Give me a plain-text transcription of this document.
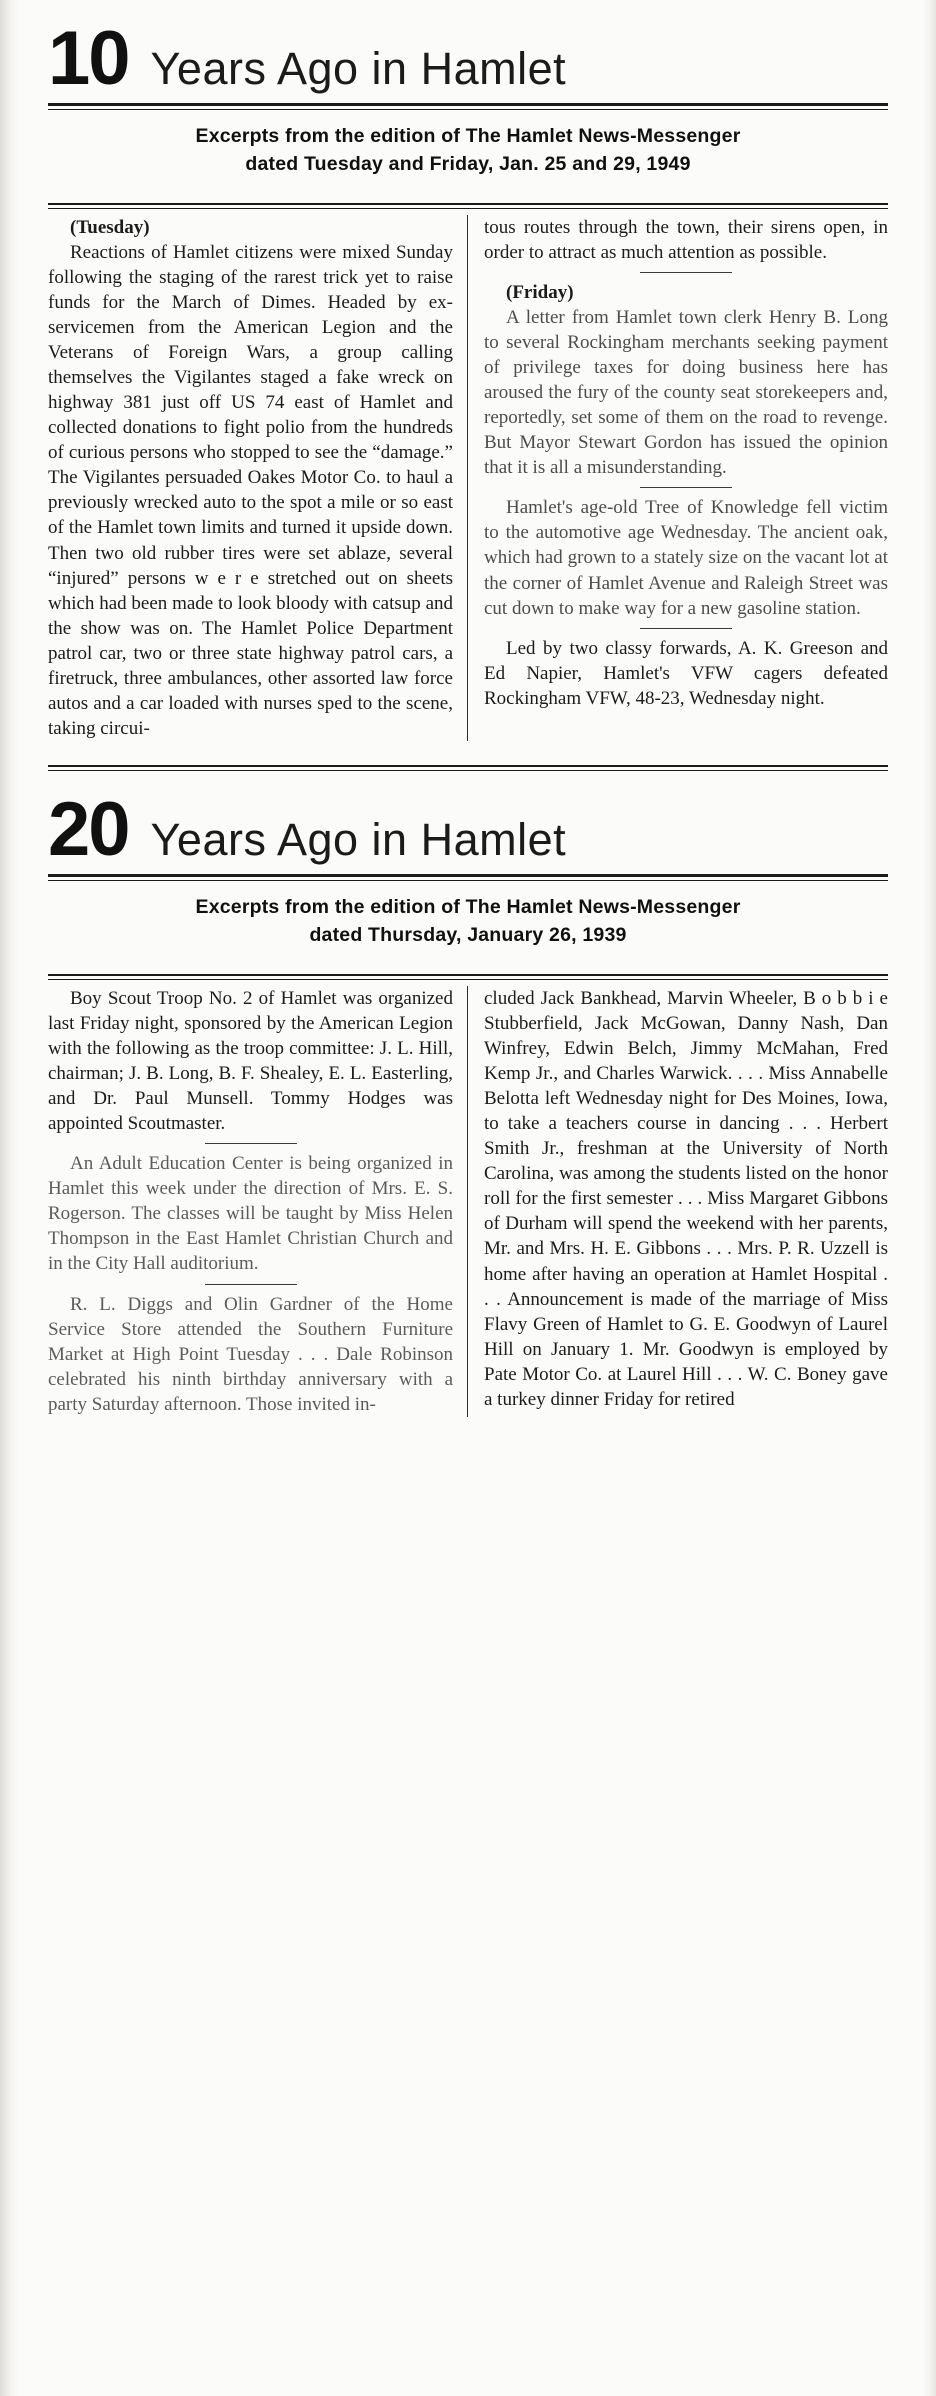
10 Years Ago in Hamlet
Excerpts from the edition of The Hamlet News-Messenger
dated Tuesday and Friday, Jan. 25 and 29, 1949

(Tuesday)

Reactions of Hamlet citizens were mixed Sunday following the staging of the rarest trick yet to raise funds for the March of Dimes. Headed by ex-servicemen from the American Legion and the Veterans of Foreign Wars, a group calling themselves the Vigilantes staged a fake wreck on highway 381 just off US 74 east of Hamlet and collected donations to fight polio from the hundreds of curious persons who stopped to see the “damage.” The Vigilantes persuaded Oakes Motor Co. to haul a previously wrecked auto to the spot a mile or so east of the Hamlet town limits and turned it upside down. Then two old rubber tires were set ablaze, several “injured” persons w e r e stretched out on sheets which had been made to look bloody with catsup and the show was on. The Hamlet Police Department patrol car, two or three state highway patrol cars, a firetruck, three ambulances, other assorted law force autos and a car loaded with nurses sped to the scene, taking circui-

tous routes through the town, their sirens open, in order to attract as much attention as possible.

(Friday)

A letter from Hamlet town clerk Henry B. Long to several Rockingham merchants seeking payment of privilege taxes for doing business here has aroused the fury of the county seat storekeepers and, reportedly, set some of them on the road to revenge. But Mayor Stewart Gordon has issued the opinion that it is all a misunderstanding.

Hamlet's age-old Tree of Knowledge fell victim to the automotive age Wednesday. The ancient oak, which had grown to a stately size on the vacant lot at the corner of Hamlet Avenue and Raleigh Street was cut down to make way for a new gasoline station.

Led by two classy forwards, A. K. Greeson and Ed Napier, Hamlet's VFW cagers defeated Rockingham VFW, 48-23, Wednesday night.

20 Years Ago in Hamlet
Excerpts from the edition of The Hamlet News-Messenger
dated Thursday, January 26, 1939

Boy Scout Troop No. 2 of Hamlet was organized last Friday night, sponsored by the American Legion with the following as the troop committee: J. L. Hill, chairman; J. B. Long, B. F. Shealey, E. L. Easterling, and Dr. Paul Munsell. Tommy Hodges was appointed Scoutmaster.

An Adult Education Center is being organized in Hamlet this week under the direction of Mrs. E. S. Rogerson. The classes will be taught by Miss Helen Thompson in the East Hamlet Christian Church and in the City Hall auditorium.

R. L. Diggs and Olin Gardner of the Home Service Store attended the Southern Furniture Market at High Point Tuesday . . . Dale Robinson celebrated his ninth birthday anniversary with a party Saturday afternoon. Those invited in-

cluded Jack Bankhead, Marvin Wheeler, B o b b i e Stubberfield, Jack McGowan, Danny Nash, Dan Winfrey, Edwin Belch, Jimmy McMahan, Fred Kemp Jr., and Charles Warwick. . . . Miss Annabelle Belotta left Wednesday night for Des Moines, Iowa, to take a teachers course in dancing . . . Herbert Smith Jr., freshman at the University of North Carolina, was among the students listed on the honor roll for the first semester . . . Miss Margaret Gibbons of Durham will spend the weekend with her parents, Mr. and Mrs. H. E. Gibbons . . . Mrs. P. R. Uzzell is home after having an operation at Hamlet Hospital . . . Announcement is made of the marriage of Miss Flavy Green of Hamlet to G. E. Goodwyn of Laurel Hill on January 1. Mr. Goodwyn is employed by Pate Motor Co. at Laurel Hill . . . W. C. Boney gave a turkey dinner Friday for retired
